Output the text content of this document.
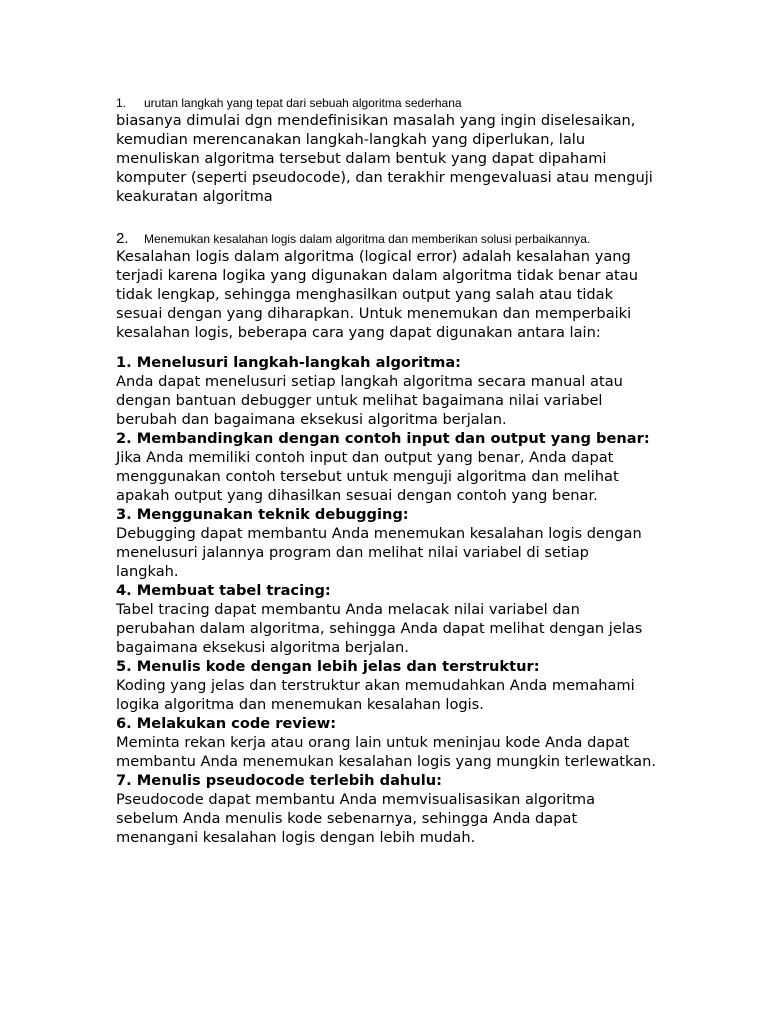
1.	urutan langkah yang tepat dari sebuah algoritma sederhana

biasanya dimulai dgn mendefinisikan masalah yang ingin diselesaikan, kemudian merencanakan langkah-langkah yang diperlukan, lalu menuliskan algoritma tersebut dalam bentuk yang dapat dipahami komputer (seperti pseudocode), dan terakhir mengevaluasi atau menguji keakuratan algoritma

2.	Menemukan kesalahan logis dalam algoritma dan memberikan solusi perbaikannya.

Kesalahan logis dalam algoritma (logical error) adalah kesalahan yang terjadi karena logika yang digunakan dalam algoritma tidak benar atau tidak lengkap, sehingga menghasilkan output yang salah atau tidak sesuai dengan yang diharapkan. Untuk menemukan dan memperbaiki kesalahan logis, beberapa cara yang dapat digunakan antara lain:

1. Menelusuri langkah-langkah algoritma:

Anda dapat menelusuri setiap langkah algoritma secara manual atau dengan bantuan debugger untuk melihat bagaimana nilai variabel berubah dan bagaimana eksekusi algoritma berjalan.

2. Membandingkan dengan contoh input dan output yang benar:

Jika Anda memiliki contoh input dan output yang benar, Anda dapat menggunakan contoh tersebut untuk menguji algoritma dan melihat apakah output yang dihasilkan sesuai dengan contoh yang benar.

3. Menggunakan teknik debugging:

Debugging dapat membantu Anda menemukan kesalahan logis dengan menelusuri jalannya program dan melihat nilai variabel di setiap langkah.

4. Membuat tabel tracing:

Tabel tracing dapat membantu Anda melacak nilai variabel dan perubahan dalam algoritma, sehingga Anda dapat melihat dengan jelas bagaimana eksekusi algoritma berjalan.

5. Menulis kode dengan lebih jelas dan terstruktur:

Koding yang jelas dan terstruktur akan memudahkan Anda memahami logika algoritma dan menemukan kesalahan logis.

6. Melakukan code review:

Meminta rekan kerja atau orang lain untuk meninjau kode Anda dapat membantu Anda menemukan kesalahan logis yang mungkin terlewatkan.

7. Menulis pseudocode terlebih dahulu:

Pseudocode dapat membantu Anda memvisualisasikan algoritma sebelum Anda menulis kode sebenarnya, sehingga Anda dapat menangani kesalahan logis dengan lebih mudah.
